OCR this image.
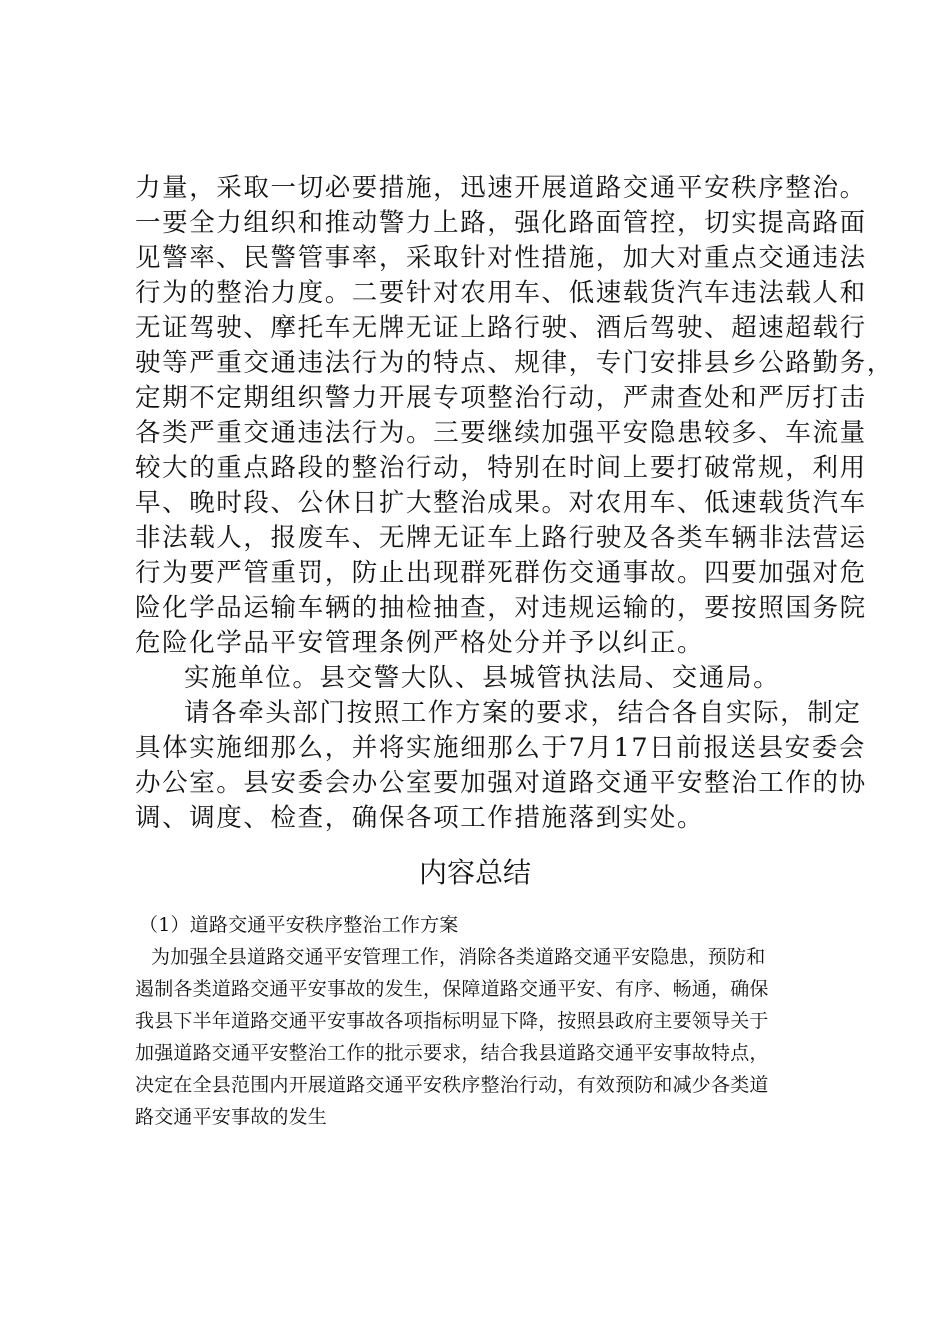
力量，采取一切必要措施，迅速开展道路交通平安秩序整治。

一要全力组织和推动警力上路，强化路面管控，切实提高路面

见警率、民警管事率，采取针对性措施，加大对重点交通违法

行为的整治力度。二要针对农用车、低速载货汽车违法载人和

无证驾驶、摩托车无牌无证上路行驶、酒后驾驶、超速超载行

驶等严重交通违法行为的特点、规律，专门安排县乡公路勤务，

定期不定期组织警力开展专项整治行动，严肃查处和严厉打击

各类严重交通违法行为。三要继续加强平安隐患较多、车流量

较大的重点路段的整治行动，特别在时间上要打破常规，利用

早、晚时段、公休日扩大整治成果。对农用车、低速载货汽车

非法载人，报废车、无牌无证车上路行驶及各类车辆非法营运

行为要严管重罚，防止出现群死群伤交通事故。四要加强对危

险化学品运输车辆的抽检抽查，对违规运输的，要按照国务院

危险化学品平安管理条例严格处分并予以纠正。

实施单位。县交警大队、县城管执法局、交通局。

请各牵头部门按照工作方案的要求，结合各自实际，制定

具体实施细那么，并将实施细那么于7月17日前报送县安委会

办公室。县安委会办公室要加强对道路交通平安整治工作的协

调、调度、检查，确保各项工作措施落到实处。

内容总结

（1）道路交通平安秩序整治工作方案

为加强全县道路交通平安管理工作，消除各类道路交通平安隐患，预防和

遏制各类道路交通平安事故的发生，保障道路交通平安、有序、畅通，确保

我县下半年道路交通平安事故各项指标明显下降，按照县政府主要领导关于

加强道路交通平安整治工作的批示要求，结合我县道路交通平安事故特点，

决定在全县范围内开展道路交通平安秩序整治行动，有效预防和减少各类道

路交通平安事故的发生
